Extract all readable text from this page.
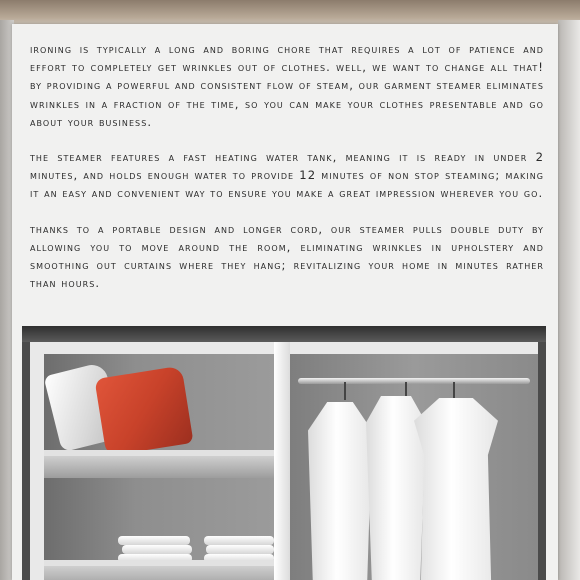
ironing is typically a long and boring chore that requires a lot of patience and effort to completely get wrinkles out of clothes. well, we want to change all that! by providing a powerful and consistent flow of steam, our garment steamer eliminates wrinkles in a fraction of the time, so you can make your clothes presentable and go about your business.

the steamer features a fast heating water tank, meaning it is ready in under 2 minutes, and holds enough water to provide 12 minutes of non stop steaming; making it an easy and convenient way to ensure you make a great impression wherever you go.

thanks to a portable design and longer cord, our steamer pulls double duty by allowing you to move around the room, eliminating wrinkles in upholstery and smoothing out curtains where they hang; revitalizing your home in minutes rather than hours.
